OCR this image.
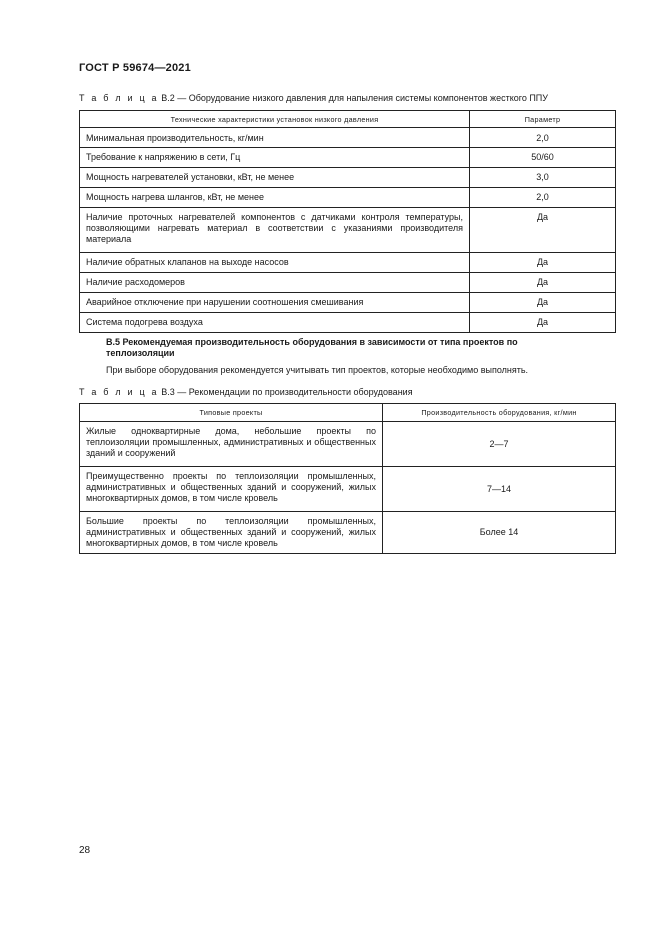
ГОСТ Р 59674—2021
Т а б л и ц а В.2 — Оборудование низкого давления для напыления системы компонентов жесткого ППУ
Технические характеристики установок низкого давления	Параметр
Минимальная производительность, кг/мин	2,0
Требование к напряжению в сети, Гц	50/60
Мощность нагревателей установки, кВт, не менее	3,0
Мощность нагрева шлангов, кВт, не менее	2,0
Наличие проточных нагревателей компонентов с датчиками контроля температуры, позволяющими нагревать материал в соответствии с указаниями производителя материала	Да
Наличие обратных клапанов на выходе насосов	Да
Наличие расходомеров	Да
Аварийное отключение при нарушении соотношения смешивания	Да
Система подогрева воздуха	Да
В.5 Рекомендуемая производительность оборудования в зависимости от типа проектов по теплоизоляции
При выборе оборудования рекомендуется учитывать тип проектов, которые необходимо выполнять.
Т а б л и ц а В.3 — Рекомендации по производительности оборудования
Типовые проекты	Производительность оборудования, кг/мин
Жилые одноквартирные дома, небольшие проекты по теплоизоляции промышленных, административных и общественных зданий и сооружений	2—7
Преимущественно проекты по теплоизоляции промышленных, административных и общественных зданий и сооружений, жилых многоквартирных домов, в том числе кровель	7—14
Большие проекты по теплоизоляции промышленных, административных и общественных зданий и сооружений, жилых многоквартирных домов, в том числе кровель	Более 14
28
